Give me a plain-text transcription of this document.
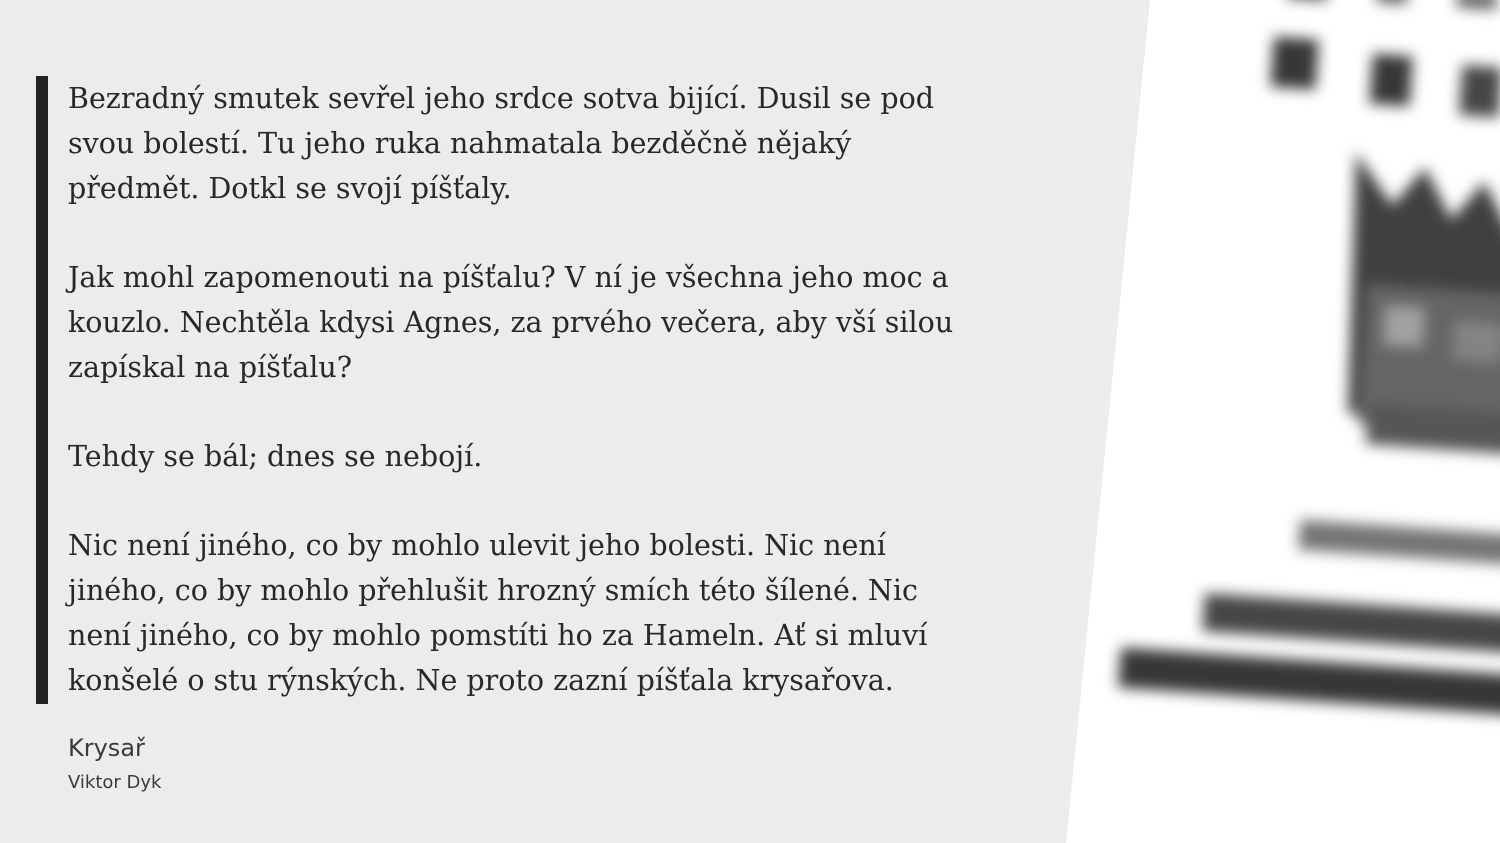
Bezradný smutek sevřel jeho srdce sotva bijící. Dusil se pod svou bolestí. Tu jeho ruka nahmatala bezděčně nějaký předmět. Dotkl se svojí píšťaly.

Jak mohl zapomenouti na píšťalu? V ní je všechna jeho moc a kouzlo. Nechtěla kdysi Agnes, za prvého večera, aby vší silou zapískal na píšťalu?

Tehdy se bál; dnes se nebojí.

Nic není jiného, co by mohlo ulevit jeho bolesti. Nic není jiného, co by mohlo přehlušit hrozný smích této šílené. Nic není jiného, co by mohlo pomstíti ho za Hameln. Ať si mluví konšelé o stu rýnských. Ne proto zazní píšťala krysařova.

Krysař
Viktor Dyk
